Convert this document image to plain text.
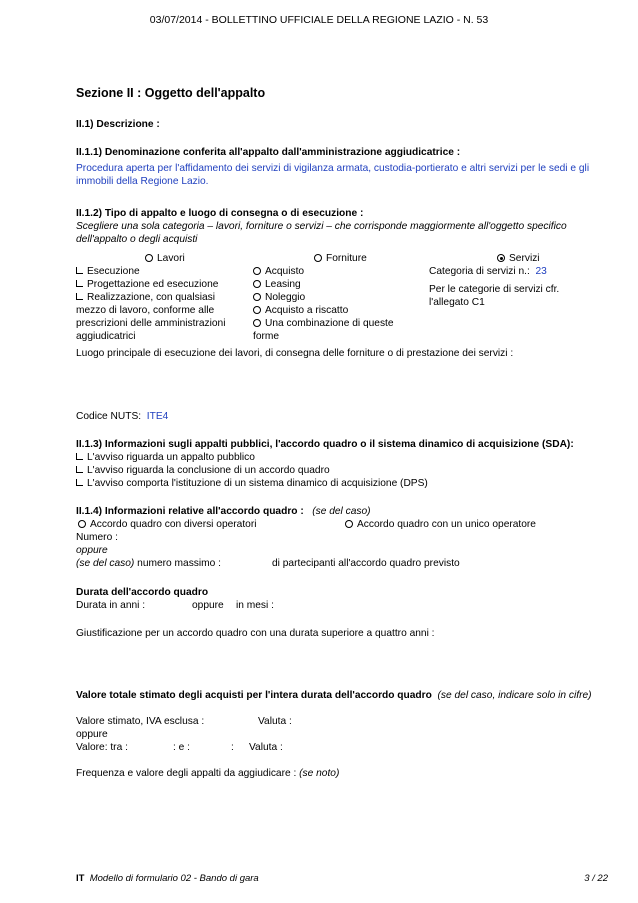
03/07/2014 - BOLLETTINO UFFICIALE DELLA REGIONE LAZIO - N. 53
Sezione II : Oggetto dell'appalto
II.1) Descrizione :
II.1.1) Denominazione conferita all'appalto dall'amministrazione aggiudicatrice :
Procedura aperta per l'affidamento dei servizi di vigilanza armata, custodia-portierato e altri servizi per le sedi e gli immobili della Regione Lazio.
II.1.2) Tipo di appalto e luogo di consegna o di esecuzione :
Scegliere una sola categoria – lavori, forniture o servizi – che corrisponde maggiormente all'oggetto specifico dell'appalto o degli acquisti
Lavori	Forniture	Servizi
Esecuzione
Progettazione ed esecuzione
Realizzazione, con qualsiasi mezzo di lavoro, conforme alle prescrizioni delle amministrazioni aggiudicatrici
Acquisto
Leasing
Noleggio
Acquisto a riscatto
Una combinazione di queste forme
Categoria di servizi n.: 23
Per le categorie di servizi cfr. l'allegato C1
Luogo principale di esecuzione dei lavori, di consegna delle forniture o di prestazione dei servizi :
Codice NUTS: ITE4
II.1.3) Informazioni sugli appalti pubblici, l'accordo quadro o il sistema dinamico di acquisizione (SDA):
L'avviso riguarda un appalto pubblico
L'avviso riguarda la conclusione di un accordo quadro
L'avviso comporta l'istituzione di un sistema dinamico di acquisizione (DPS)
II.1.4) Informazioni relative all'accordo quadro : (se del caso)
Accordo quadro con diversi operatori	Accordo quadro con un unico operatore
Numero :
oppure
(se del caso) numero massimo :	di partecipanti all'accordo quadro previsto
Durata dell'accordo quadro
Durata in anni :	oppure in mesi :
Giustificazione per un accordo quadro con una durata superiore a quattro anni :
Valore totale stimato degli acquisti per l'intera durata dell'accordo quadro (se del caso, indicare solo in cifre)
Valore stimato, IVA esclusa :	Valuta :
oppure
Valore: tra :	: e :	: Valuta :
Frequenza e valore degli appalti da aggiudicare : (se noto)
IT Modello di formulario 02 - Bando di gara	3 / 22
